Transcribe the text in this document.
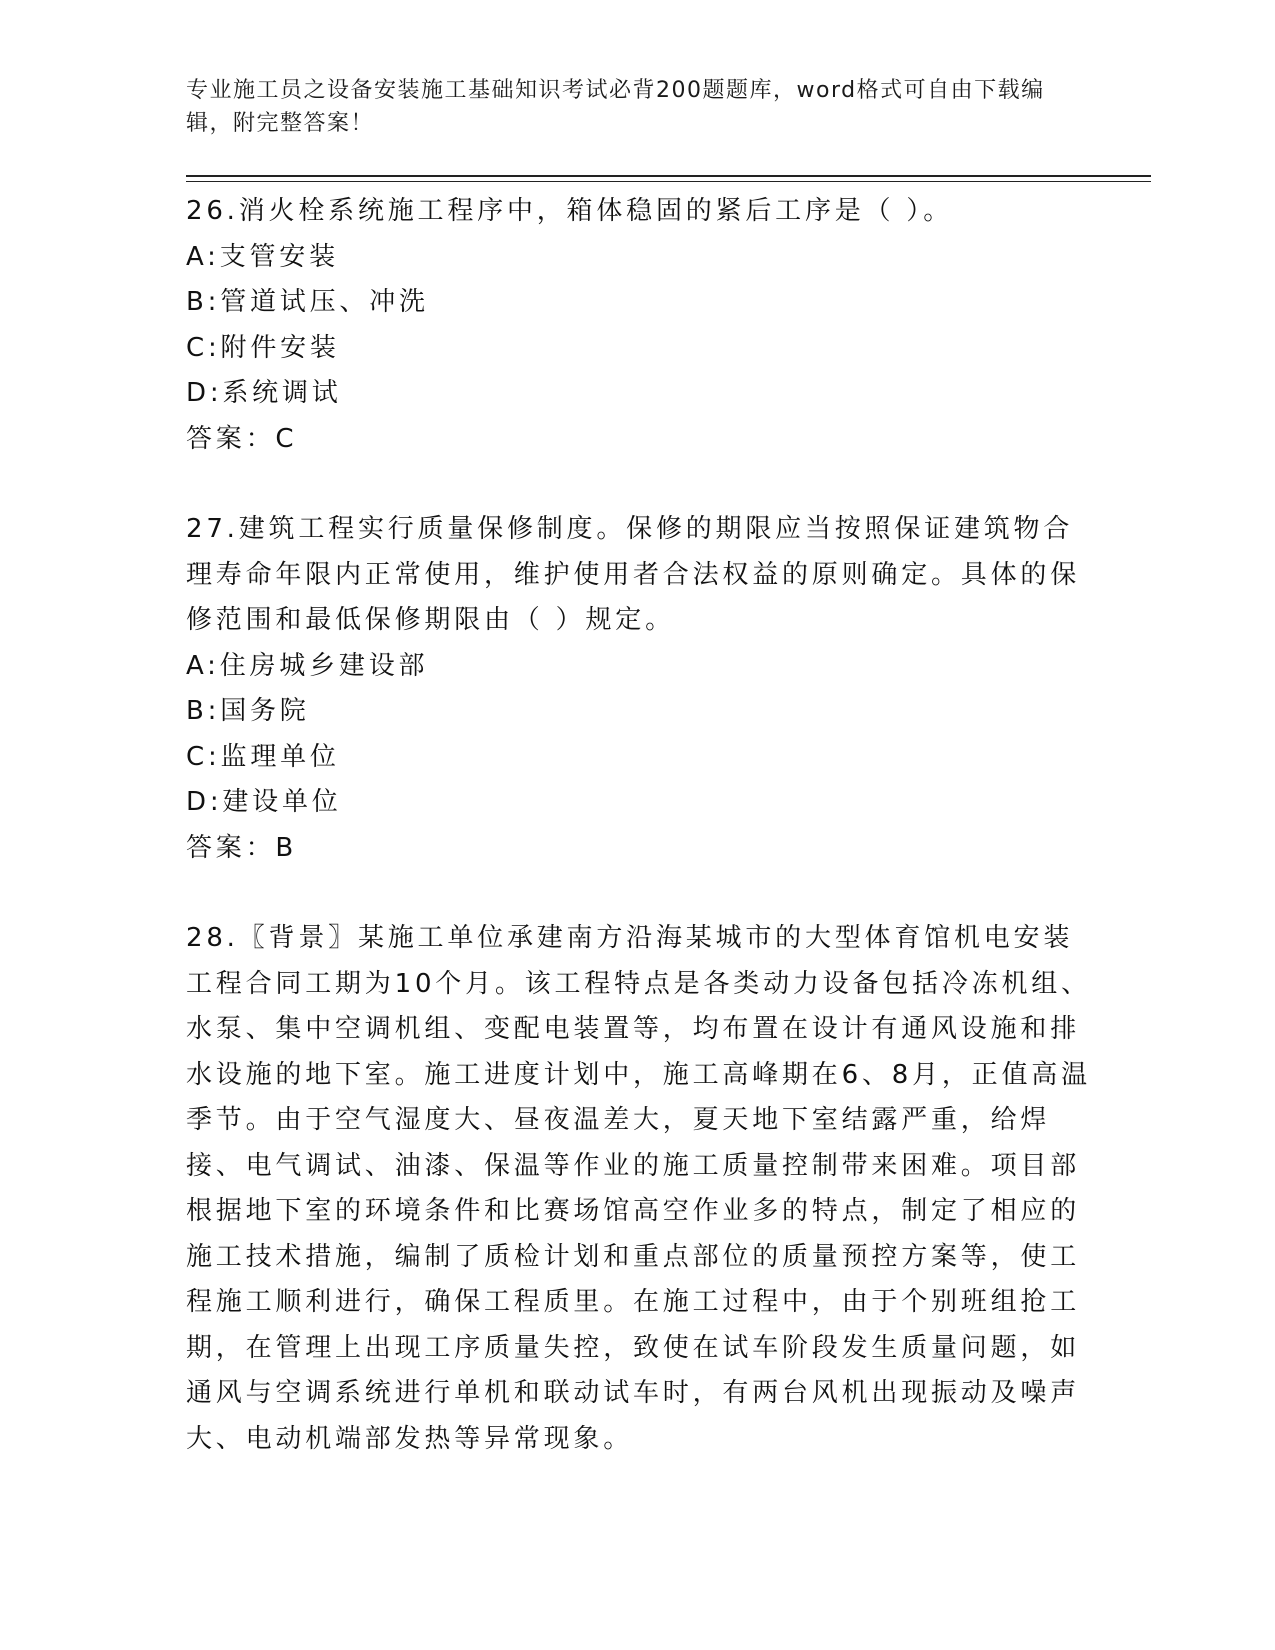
专业施工员之设备安装施工基础知识考试必背200题题库，word格式可自由下载编辑，附完整答案！

26.消火栓系统施工程序中，箱体稳固的紧后工序是（ ）。

A:支管安装

B:管道试压、冲洗

C:附件安装

D:系统调试

答案：C

27.建筑工程实行质量保修制度。保修的期限应当按照保证建筑物合理寿命年限内正常使用，维护使用者合法权益的原则确定。具体的保修范围和最低保修期限由（ ）规定。

A:住房城乡建设部

B:国务院

C:监理单位

D:建设单位

答案：B

28.〖背景〗某施工单位承建南方沿海某城市的大型体育馆机电安装工程合同工期为10个月。该工程特点是各类动力设备包括冷冻机组、水泵、集中空调机组、变配电装置等，均布置在设计有通风设施和排水设施的地下室。施工进度计划中，施工高峰期在6、8月，正值高温季节。由于空气湿度大、昼夜温差大，夏天地下室结露严重，给焊接、电气调试、油漆、保温等作业的施工质量控制带来困难。项目部根据地下室的环境条件和比赛场馆高空作业多的特点，制定了相应的施工技术措施，编制了质检计划和重点部位的质量预控方案等，使工程施工顺利进行，确保工程质里。在施工过程中，由于个别班组抢工期，在管理上出现工序质量失控，致使在试车阶段发生质量问题，如通风与空调系统进行单机和联动试车时，有两台风机出现振动及噪声大、电动机端部发热等异常现象。
